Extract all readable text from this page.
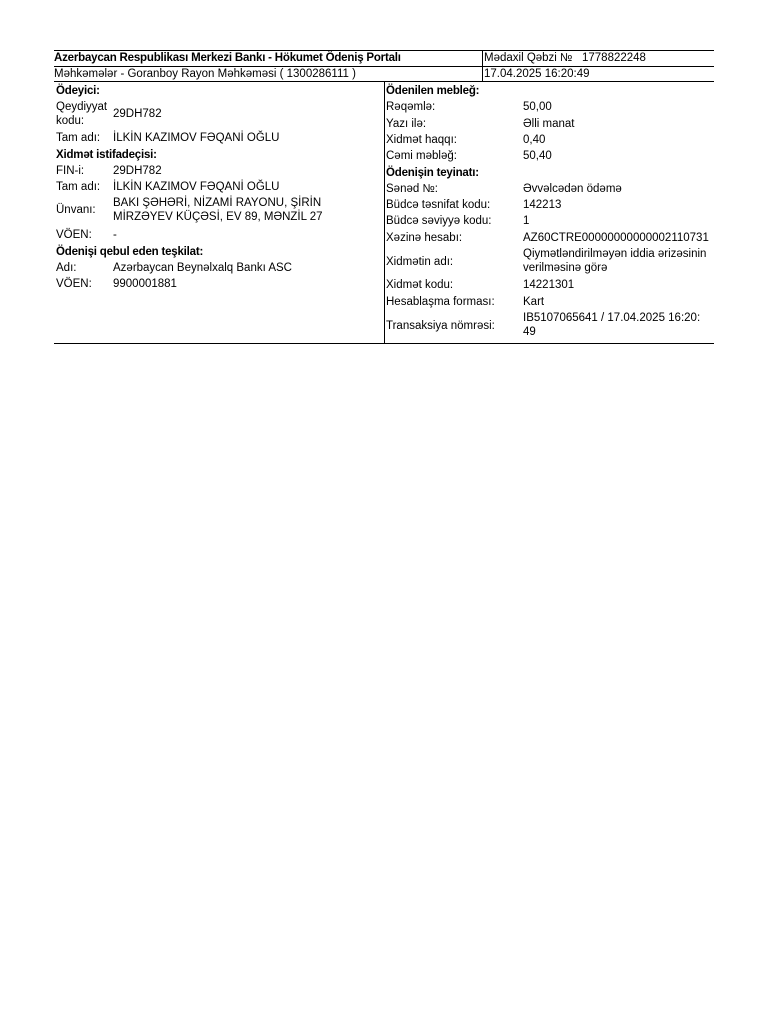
Azerbaycan Respublikası Merkezi Bankı - Hökumet Ödeniş Portalı	Mədaxil Qəbzi № 1778822248
Məhkəmələr - Goranboy Rayon Məhkəməsi ( 1300286111 )	17.04.2025 16:20:49
Ödeyici:
Qeydiyyat
kodu:
29DH782
Tam adı: İLKİN KAZIMOV FƏQANİ OĞLU
Xidmət istifadeçisi:
FIN-i:	29DH782
Tam adı: İLKİN KAZIMOV FƏQANİ OĞLU
Ünvanı:
BAKI ŞƏHƏRİ, NİZAMİ RAYONU, ŞİRİN
MİRZƏYEV KÜÇƏSİ, EV 89, MƏNZİL 27
VÖEN: -
Ödenişi qebul eden teşkilat:
Adı:	Azərbaycan Beynəlxalq Bankı ASC
VÖEN: 9900001881
Ödenilen mebleğ:
Rəqəmlə:	50,00
Yazı ilə:	Əlli manat
Xidmət haqqı:	0,40
Cəmi məbləğ:	50,40
Ödenişin teyinatı:
Sənəd №:	Əvvəlcədən ödəmə
Büdcə təsnifat kodu:	142213
Büdcə səviyyə kodu:	1
Xəzinə hesabı:	AZ60CTRE00000000000002110731
Xidmətin adı:
Qiymətləndirilməyən iddia ərizəsinin
verilməsinə görə
Xidmət kodu:	14221301
Hesablaşma forması: Kart
Transaksiya nömrəsi:
IB5107065641 / 17.04.2025 16:20:
49
